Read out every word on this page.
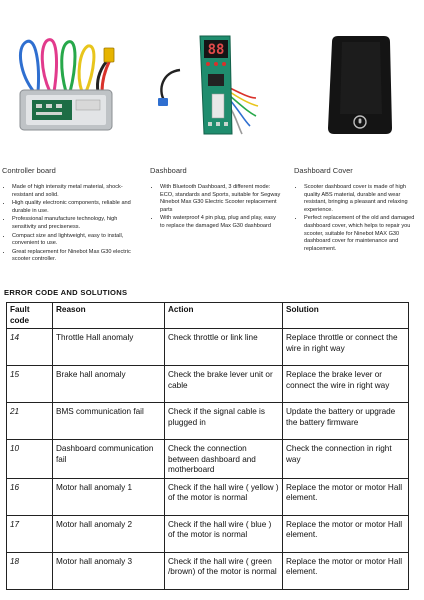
88
Controller board
• Made of high intensity metal material, shock-resistant and solid.
• High quality electronic components, reliable and durable in use.
• Professional manufacture technology, high sensitivity and preciseness.
• Compact size and lightweight, easy to install, convenient to use.
• Great replacement for Ninebot Max G30 electric scooter controller.
Dashboard
• With Bluetooth Dashboard, 3 different mode: ECO, standards and Sports, suitable for Segway Ninebot Max G30 Electric Scooter replacement parts
• With waterproof 4 pin plug, plug and play, easy to replace the damaged Max G30 dashboard
Dashboard Cover
• Scooter dashboard cover is made of high quality ABS material, durable and wear resistant, bringing a pleasant and relaxing experience.
• Perfect replacement of the old and damaged dashboard cover, which helps to repair you scooter, suitable for Ninebot MAX G30 dashboard cover for maintenance and replacement.
ERROR CODE AND SOLUTIONS
Fault code	Reason	Action	Solution
14	Throttle Hall anomaly	Check throttle or link line	Replace throttle or connect the wire in right way
15	Brake hall anomaly	Check the brake lever unit or cable	Replace the brake lever or connect the wire in right way
21	BMS communication fail	Check if the signal cable is plugged in	Update the battery or upgrade the battery firmware
10	Dashboard communication fail	Check the connection between dashboard and motherboard	Check the connection in right way
16	Motor hall anomaly 1	Check if the hall wire ( yellow ) of the motor is normal	Replace the motor or motor Hall element.
17	Motor hall anomaly 2	Check if the hall wire ( blue ) of the motor is normal	Replace the motor or motor Hall element.
18	Motor hall anomaly 3	Check if the hall wire ( green /brown) of the motor is normal	Replace the motor or motor Hall element.
